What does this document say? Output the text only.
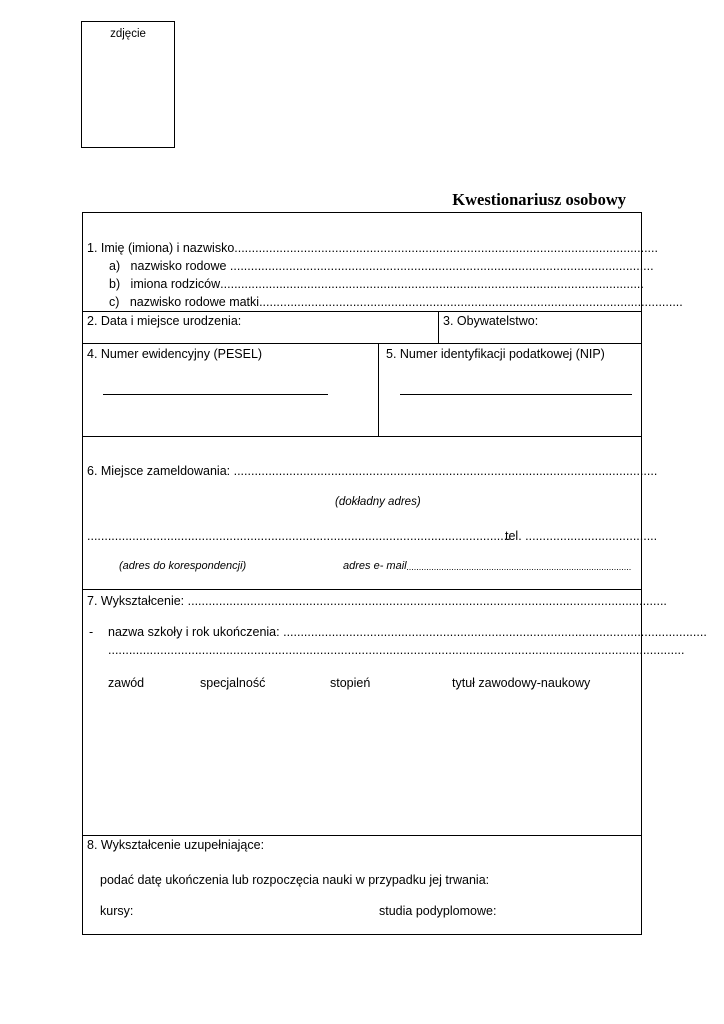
zdjęcie
Kwestionariusz osobowy
1. Imię (imiona) i nazwisko..........................................................................................................................
a) nazwisko rodowe ..........................................................................................................................
b) imiona rodziców..........................................................................................................................
c) nazwisko rodowe matki..........................................................................................................................
2. Data i miejsce urodzenia:	3. Obywatelstwo:
4. Numer ewidencyjny (PESEL)	5. Numer identyfikacji podatkowej (NIP)
6. Miejsce zameldowania: ..........................................................................................................................
(dokładny adres)
..........................................................................................................................
tel. ......................................
(adres do korespondencji)	adres e- mail..........................................................................................
7. Wykształcenie: ..........................................................................................................................................
- nazwa szkoły i rok ukończenia: ..........................................................................................................................
......................................................................................................................................................................
zawód	specjalność	stopień	tytuł zawodowy-naukowy
8. Wykształcenie uzupełniające:
podać datę ukończenia lub rozpoczęcia nauki w przypadku jej trwania:
kursy:	studia podyplomowe:
